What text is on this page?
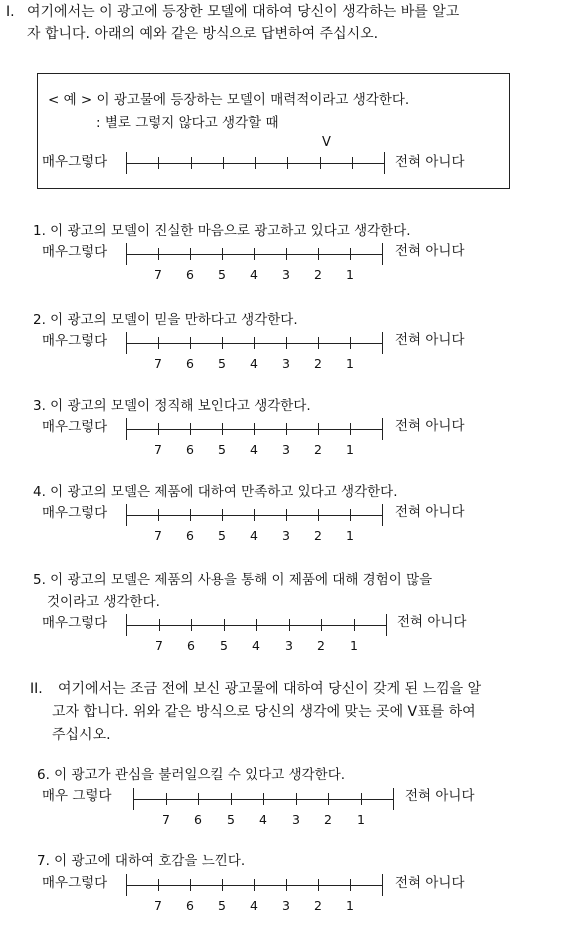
I. 여기에서는 이 광고에 등장한 모델에 대하여 당신이 생각하는 바를 알고
자 합니다. 아래의 예와 같은 방식으로 답변하여 주십시오.
< 예 > 이 광고물에 등장하는 모델이 매력적이라고 생각한다.
: 별로 그렇지 않다고 생각할 때
V
매우그렇다	전혀 아니다
1. 이 광고의 모델이 진실한 마음으로 광고하고 있다고 생각한다.
매우그렇다
7 6 5 4 3 2 1
전혀 아니다
2. 이 광고의 모델이 믿을 만하다고 생각한다.
매우그렇다
7 6 5 4 3 2 1
전혀 아니다
3. 이 광고의 모델이 정직해 보인다고 생각한다.
매우그렇다
7 6 5 4 3 2 1
전혀 아니다
4. 이 광고의 모델은 제품에 대하여 만족하고 있다고 생각한다.
매우그렇다
7 6 5 4 3 2 1
전혀 아니다
5. 이 광고의 모델은 제품의 사용을 통해 이 제품에 대해 경험이 많을
것이라고 생각한다.
매우그렇다
7 6 5 4 3 2 1
전혀 아니다
II. 여기에서는 조금 전에 보신 광고물에 대하여 당신이 갖게 된 느낌을 알
고자 합니다. 위와 같은 방식으로 당신의 생각에 맞는 곳에 V표를 하여
주십시오.
6. 이 광고가 관심을 불러일으킬 수 있다고 생각한다.
매우 그렇다
7 6 5 4 3 2 1
전혀 아니다
7. 이 광고에 대하여 호감을 느낀다.
매우그렇다
7 6 5 4 3 2 1
전혀 아니다
